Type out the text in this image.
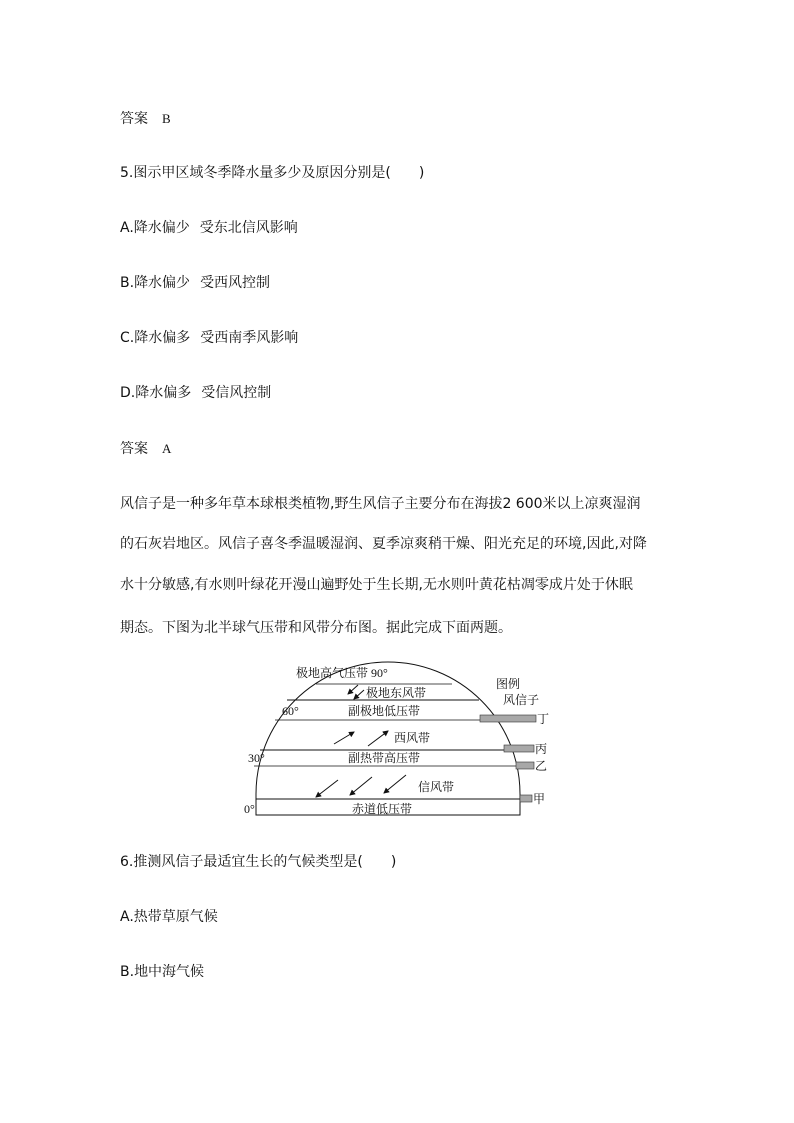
答案 B
5.图示甲区域冬季降水量多少及原因分别是(　　)
A.降水偏少 受东北信风影响
B.降水偏少 受西风控制
C.降水偏多 受西南季风影响
D.降水偏多 受信风控制
答案 A
风信子是一种多年草本球根类植物,野生风信子主要分布在海拔2 600米以上凉爽湿润
的石灰岩地区。风信子喜冬季温暖湿润、夏季凉爽稍干燥、阳光充足的环境,因此,对降
水十分敏感,有水则叶绿花开漫山遍野处于生长期,无水则叶黄花枯凋零成片处于休眠
期态。下图为北半球气压带和风带分布图。据此完成下面两题。
极地高气压带 90°
60°
30°
0°
极地东风带
副极地低压带
西风带
副热带高压带
信风带
赤道低压带
图例
风信子
丁
丙
乙
甲
6.推测风信子最适宜生长的气候类型是(　　)
A.热带草原气候
B.地中海气候
